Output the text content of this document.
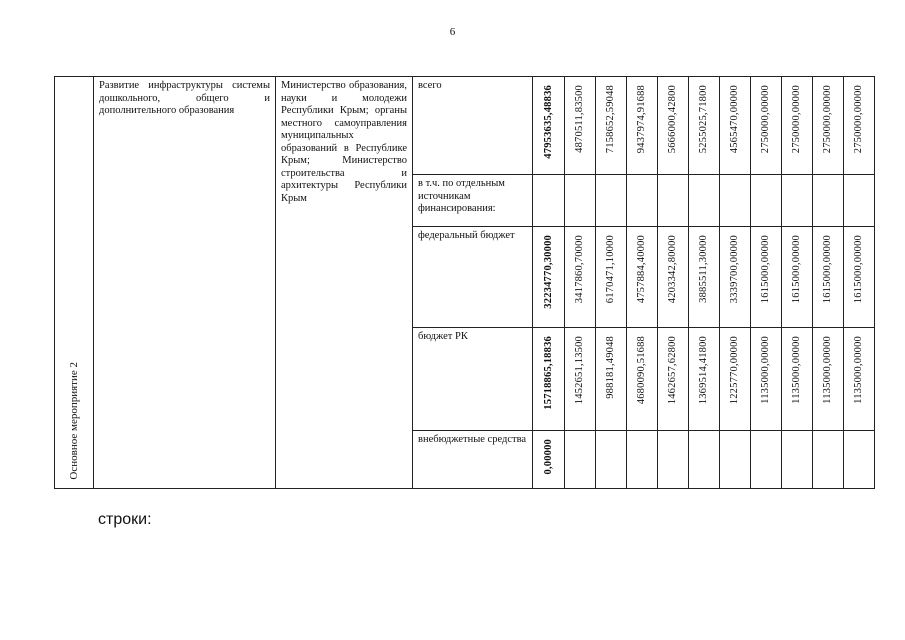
6
Основное мероприятие 2	Развитие инфраструктуры системы дошкольного, общего и дополнительного образования	Министерство образования, науки и молодежи Республики Крым; органы местного самоуправления муниципальных образований в Республике Крым; Министерство строительства и архитектуры Республики Крым	всего	47953635,48836	4870511,83500	7158652,59048	9437974,91688	5666000,42800	5255025,71800	4565470,00000	2750000,00000	2750000,00000	2750000,00000	2750000,00000

			в т.ч. по отдельным источникам финансирования:											

			федеральный бюджет	32234770,30000	3417860,70000	6170471,10000	4757884,40000	4203342,80000	3885511,30000	3339700,00000	1615000,00000	1615000,00000	1615000,00000	1615000,00000

			бюджет РК	15718865,18836	1452651,13500	988181,49048	4680090,51688	1462657,62800	1369514,41800	1225770,00000	1135000,00000	1135000,00000	1135000,00000	1135000,00000

			внебюджетные средства	0,00000										

строки:
